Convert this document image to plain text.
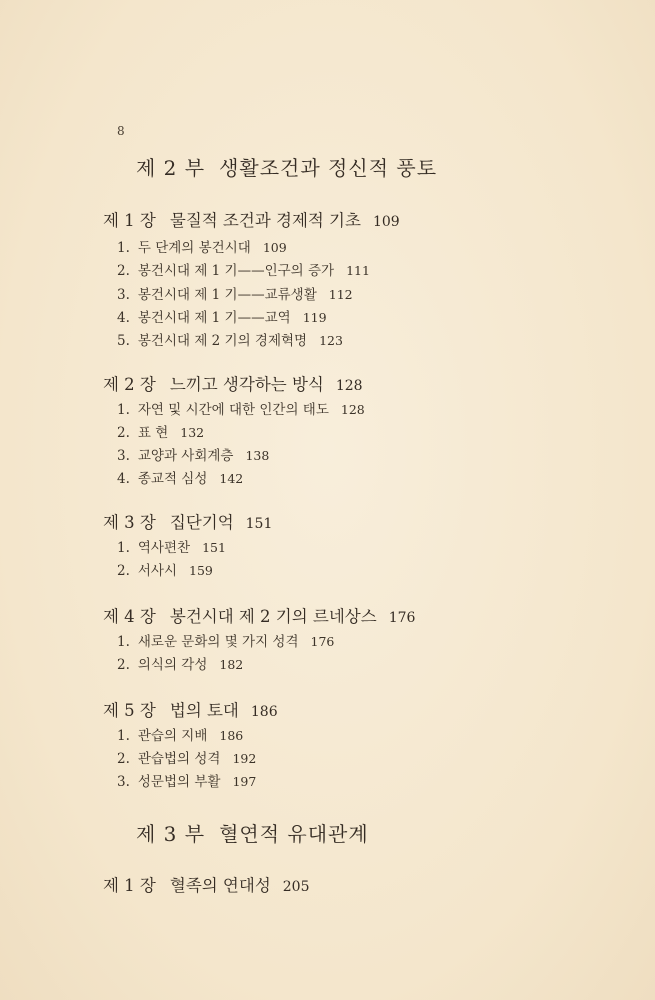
8
제 2 부 생활조건과 정신적 풍토
제 1 장 물질적 조건과 경제적 기초 109
1. 두 단계의 봉건시대 109
2. 봉건시대 제 1 기——인구의 증가 111
3. 봉건시대 제 1 기——교류생활 112
4. 봉건시대 제 1 기——교역 119
5. 봉건시대 제 2 기의 경제혁명 123
제 2 장 느끼고 생각하는 방식 128
1. 자연 및 시간에 대한 인간의 태도 128
2. 표 현 132
3. 교양과 사회계층 138
4. 종교적 심성 142
제 3 장 집단기억 151
1. 역사편찬 151
2. 서사시 159
제 4 장 봉건시대 제 2 기의 르네상스 176
1. 새로운 문화의 몇 가지 성격 176
2. 의식의 각성 182
제 5 장 법의 토대 186
1. 관습의 지배 186
2. 관습법의 성격 192
3. 성문법의 부활 197
제 3 부 혈연적 유대관계
제 1 장 혈족의 연대성 205
